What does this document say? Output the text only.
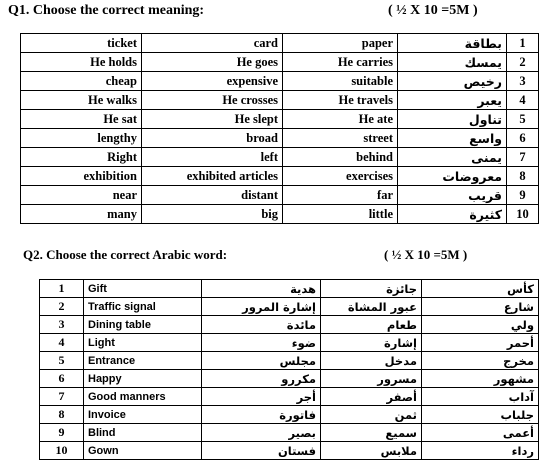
Q1. Choose the correct meaning:	( ½ X 10 =5M )
ticket	card	paper	بطاقة	1
He holds	He goes	He carries	يمسك	2
cheap	expensive	suitable	رخيص	3
He walks	He crosses	He travels	يعبر	4
He sat	He slept	He ate	تناول	5
lengthy	broad	street	واسع	6
Right	left	behind	يمنى	7
exhibition	exhibited articles	exercises	معروضات	8
near	distant	far	قريب	9
many	big	little	كثيرة	10
Q2. Choose the correct Arabic word:	( ½ X 10 =5M )
1	Gift	هدية	جائزة	كأس
2	Traffic signal	إشارة المرور	عبور المشاة	شارع
3	Dining table	مائدة	طعام	ولي
4	Light	ضوء	إشارة	أحمر
5	Entrance	مجلس	مدخل	مخرج
6	Happy	مكررو	مسرور	مشهور
7	Good manners	أجر	أصفر	آداب
8	Invoice	فاتورة	ثمن	جلباب
9	Blind	بصير	سميع	أعمى
10	Gown	فستان	ملابس	رداء
